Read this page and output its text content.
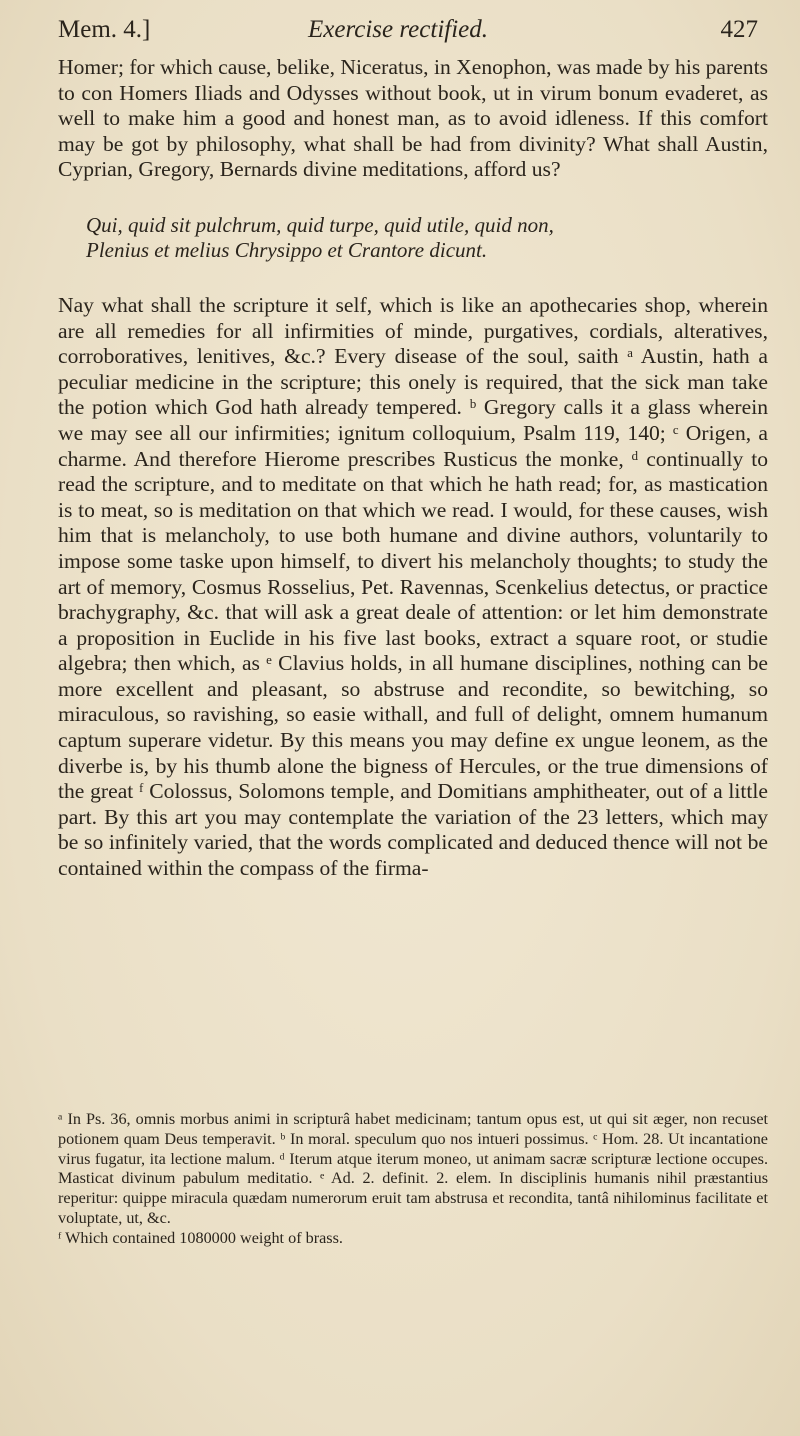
Mem. 4.]	Exercise rectified.	427

Homer; for which cause, belike, Niceratus, in Xenophon, was made by his parents to con Homers Iliads and Odysses without book, ut in virum bonum evaderet, as well to make him a good and honest man, as to avoid idleness. If this comfort may be got by philosophy, what shall be had from divinity? What shall Austin, Cyprian, Gregory, Bernards divine meditations, afford us?

Qui, quid sit pulchrum, quid turpe, quid utile, quid non,
Plenius et melius Chrysippo et Crantore dicunt.

Nay what shall the scripture it self, which is like an apothecaries shop, wherein are all remedies for all infirmities of minde, purgatives, cordials, alteratives, corroboratives, lenitives, &c.? Every disease of the soul, saith ᵃ Austin, hath a peculiar medicine in the scripture; this onely is required, that the sick man take the potion which God hath already tempered. ᵇ Gregory calls it a glass wherein we may see all our infirmities; ignitum colloquium, Psalm 119, 140; ᶜ Origen, a charme. And therefore Hierome prescribes Rusticus the monke, ᵈ continually to read the scripture, and to meditate on that which he hath read; for, as mastication is to meat, so is meditation on that which we read. I would, for these causes, wish him that is melancholy, to use both humane and divine authors, voluntarily to impose some taske upon himself, to divert his melancholy thoughts; to study the art of memory, Cosmus Rosselius, Pet. Ravennas, Scenkelius detectus, or practice brachygraphy, &c. that will ask a great deale of attention: or let him demonstrate a proposition in Euclide in his five last books, extract a square root, or studie algebra; then which, as ᵉ Clavius holds, in all humane disciplines, nothing can be more excellent and pleasant, so abstruse and recondite, so bewitching, so miraculous, so ravishing, so easie withall, and full of delight, omnem humanum captum superare videtur. By this means you may define ex ungue leonem, as the diverbe is, by his thumb alone the bigness of Hercules, or the true dimensions of the great ᶠ Colossus, Solomons temple, and Domitians amphitheater, out of a little part. By this art you may contemplate the variation of the 23 letters, which may be so infinitely varied, that the words complicated and deduced thence will not be contained within the compass of the firma-

ᵃ In Ps. 36, omnis morbus animi in scripturâ habet medicinam; tantum opus est, ut qui sit æger, non recuset potionem quam Deus temperavit. ᵇ In moral. speculum quo nos intueri possimus. ᶜ Hom. 28. Ut incantatione virus fugatur, ita lectione malum. ᵈ Iterum atque iterum moneo, ut animam sacræ scripturæ lectione occupes. Masticat divinum pabulum meditatio. ᵉ Ad. 2. definit. 2. elem. In disciplinis humanis nihil præstantius reperitur: quippe miracula quædam numerorum eruit tam abstrusa et recondita, tantâ nihilominus facilitate et voluptate, ut, &c.

ᶠ Which contained 1080000 weight of brass.
